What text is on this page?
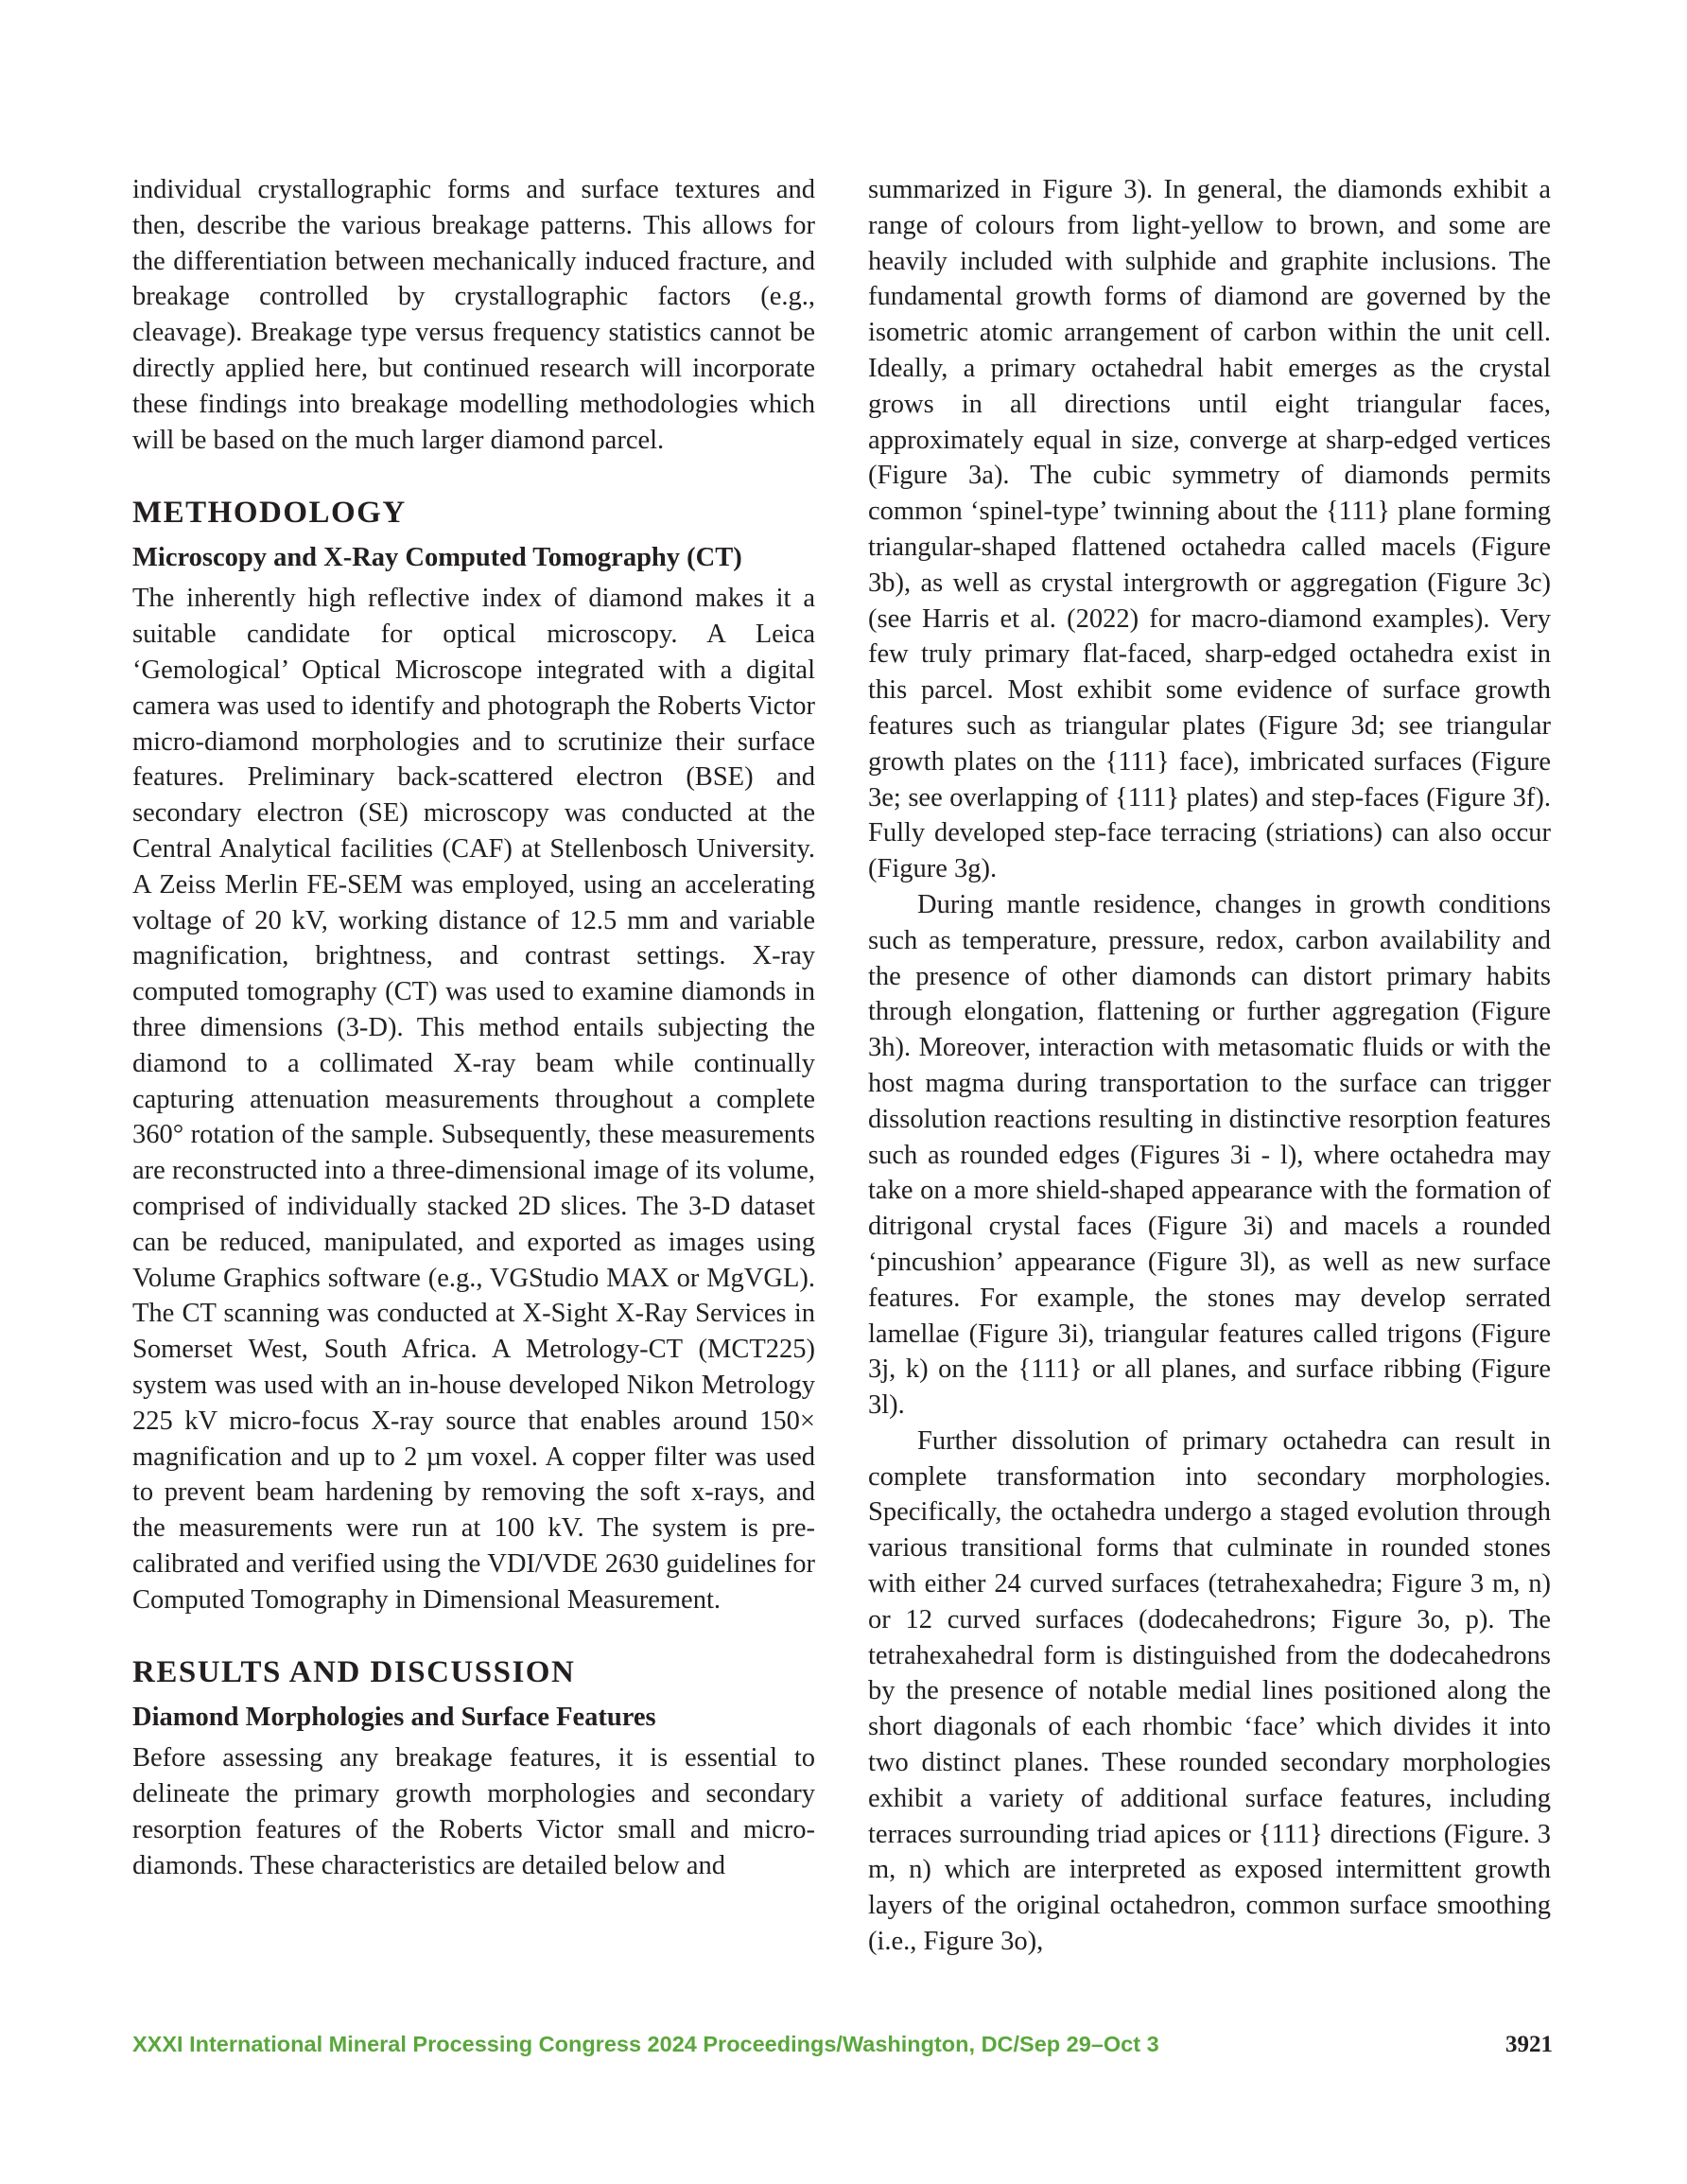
individual crystallographic forms and surface textures and then, describe the various breakage patterns. This allows for the differentiation between mechanically induced fracture, and breakage controlled by crystallographic factors (e.g., cleavage). Breakage type versus frequency statistics cannot be directly applied here, but continued research will incorporate these findings into breakage modelling methodologies which will be based on the much larger diamond parcel.

METHODOLOGY
Microscopy and X-Ray Computed Tomography (CT)

The inherently high reflective index of diamond makes it a suitable candidate for optical microscopy. A Leica ‘Gemological’ Optical Microscope integrated with a digital camera was used to identify and photograph the Roberts Victor micro-diamond morphologies and to scrutinize their surface features. Preliminary back-scattered electron (BSE) and secondary electron (SE) microscopy was conducted at the Central Analytical facilities (CAF) at Stellenbosch University. A Zeiss Merlin FE-SEM was employed, using an accelerating voltage of 20 kV, working distance of 12.5 mm and variable magnification, brightness, and contrast settings. X-ray computed tomography (CT) was used to examine diamonds in three dimensions (3-D). This method entails subjecting the diamond to a collimated X-ray beam while continually capturing attenuation measurements throughout a complete 360° rotation of the sample. Subsequently, these measurements are reconstructed into a three-dimensional image of its volume, comprised of individually stacked 2D slices. The 3-D dataset can be reduced, manipulated, and exported as images using Volume Graphics software (e.g., VGStudio MAX or MgVGL). The CT scanning was conducted at X-Sight X-Ray Services in Somerset West, South Africa. A Metrology-CT (MCT225) system was used with an in-house developed Nikon Metrology 225 kV micro-focus X-ray source that enables around 150× magnification and up to 2 µm voxel. A copper filter was used to prevent beam hardening by removing the soft x-rays, and the measurements were run at 100 kV. The system is pre-calibrated and verified using the VDI/VDE 2630 guidelines for Computed Tomography in Dimensional Measurement.

RESULTS AND DISCUSSION
Diamond Morphologies and Surface Features

Before assessing any breakage features, it is essential to delineate the primary growth morphologies and secondary resorption features of the Roberts Victor small and micro-diamonds. These characteristics are detailed below and

summarized in Figure 3). In general, the diamonds exhibit a range of colours from light-yellow to brown, and some are heavily included with sulphide and graphite inclusions. The fundamental growth forms of diamond are governed by the isometric atomic arrangement of carbon within the unit cell. Ideally, a primary octahedral habit emerges as the crystal grows in all directions until eight triangular faces, approximately equal in size, converge at sharp-edged vertices (Figure 3a). The cubic symmetry of diamonds permits common ‘spinel-type’ twinning about the {111} plane forming triangular-shaped flattened octahedra called macels (Figure 3b), as well as crystal intergrowth or aggregation (Figure 3c) (see Harris et al. (2022) for macro-diamond examples). Very few truly primary flat-faced, sharp-edged octahedra exist in this parcel. Most exhibit some evidence of surface growth features such as triangular plates (Figure 3d; see triangular growth plates on the {111} face), imbricated surfaces (Figure 3e; see overlapping of {111} plates) and step-faces (Figure 3f). Fully developed step-face terracing (striations) can also occur (Figure 3g).

During mantle residence, changes in growth conditions such as temperature, pressure, redox, carbon availability and the presence of other diamonds can distort primary habits through elongation, flattening or further aggregation (Figure 3h). Moreover, interaction with metasomatic fluids or with the host magma during transportation to the surface can trigger dissolution reactions resulting in distinctive resorption features such as rounded edges (Figures 3i - l), where octahedra may take on a more shield-shaped appearance with the formation of ditrigonal crystal faces (Figure 3i) and macels a rounded ‘pincushion’ appearance (Figure 3l), as well as new surface features. For example, the stones may develop serrated lamellae (Figure 3i), triangular features called trigons (Figure 3j, k) on the {111} or all planes, and surface ribbing (Figure 3l).

Further dissolution of primary octahedra can result in complete transformation into secondary morphologies. Specifically, the octahedra undergo a staged evolution through various transitional forms that culminate in rounded stones with either 24 curved surfaces (tetrahexahedra; Figure 3 m, n) or 12 curved surfaces (dodecahedrons; Figure 3o, p). The tetrahexahedral form is distinguished from the dodecahedrons by the presence of notable medial lines positioned along the short diagonals of each rhombic ‘face’ which divides it into two distinct planes. These rounded secondary morphologies exhibit a variety of additional surface features, including terraces surrounding triad apices or {111} directions (Figure. 3 m, n) which are interpreted as exposed intermittent growth layers of the original octahedron, common surface smoothing (i.e., Figure 3o),

XXXI International Mineral Processing Congress 2024 Proceedings/Washington, DC/Sep 29–Oct 3	3921
